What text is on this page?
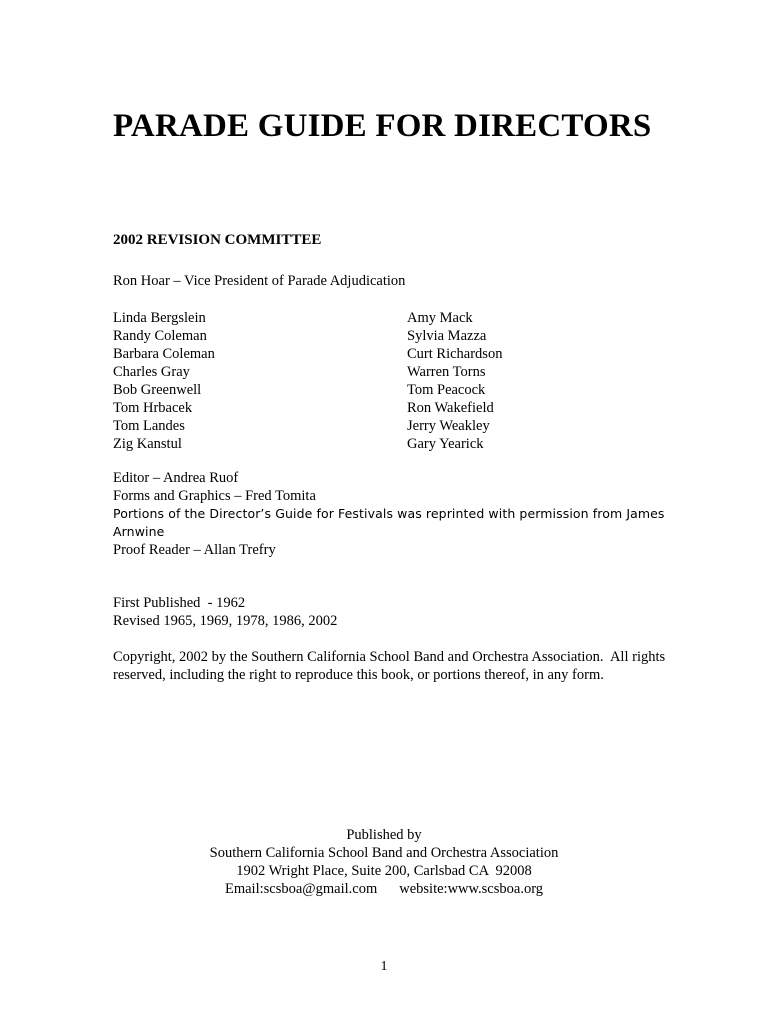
PARADE GUIDE FOR DIRECTORS
2002 REVISION COMMITTEE
Ron Hoar – Vice President of Parade Adjudication
Linda Bergslein
Randy Coleman
Barbara Coleman
Charles Gray
Bob Greenwell
Tom Hrbacek
Tom Landes
Zig Kanstul
Amy Mack
Sylvia Mazza
Curt Richardson
Warren Torns
Tom Peacock
Ron Wakefield
Jerry Weakley
Gary Yearick
Editor – Andrea Ruof
Forms and Graphics – Fred Tomita
Portions of the Director’s Guide for Festivals was reprinted with permission from James
Arnwine
Proof Reader – Allan Trefry
First Published  - 1962
Revised 1965, 1969, 1978, 1986, 2002
Copyright, 2002 by the Southern California School Band and Orchestra Association.  All rights reserved, including the right to reproduce this book, or portions thereof, in any form.
Published by
Southern California School Band and Orchestra Association
1902 Wright Place, Suite 200, Carlsbad CA  92008
Email:scsboa@gmail.com website:www.scsboa.org
1
